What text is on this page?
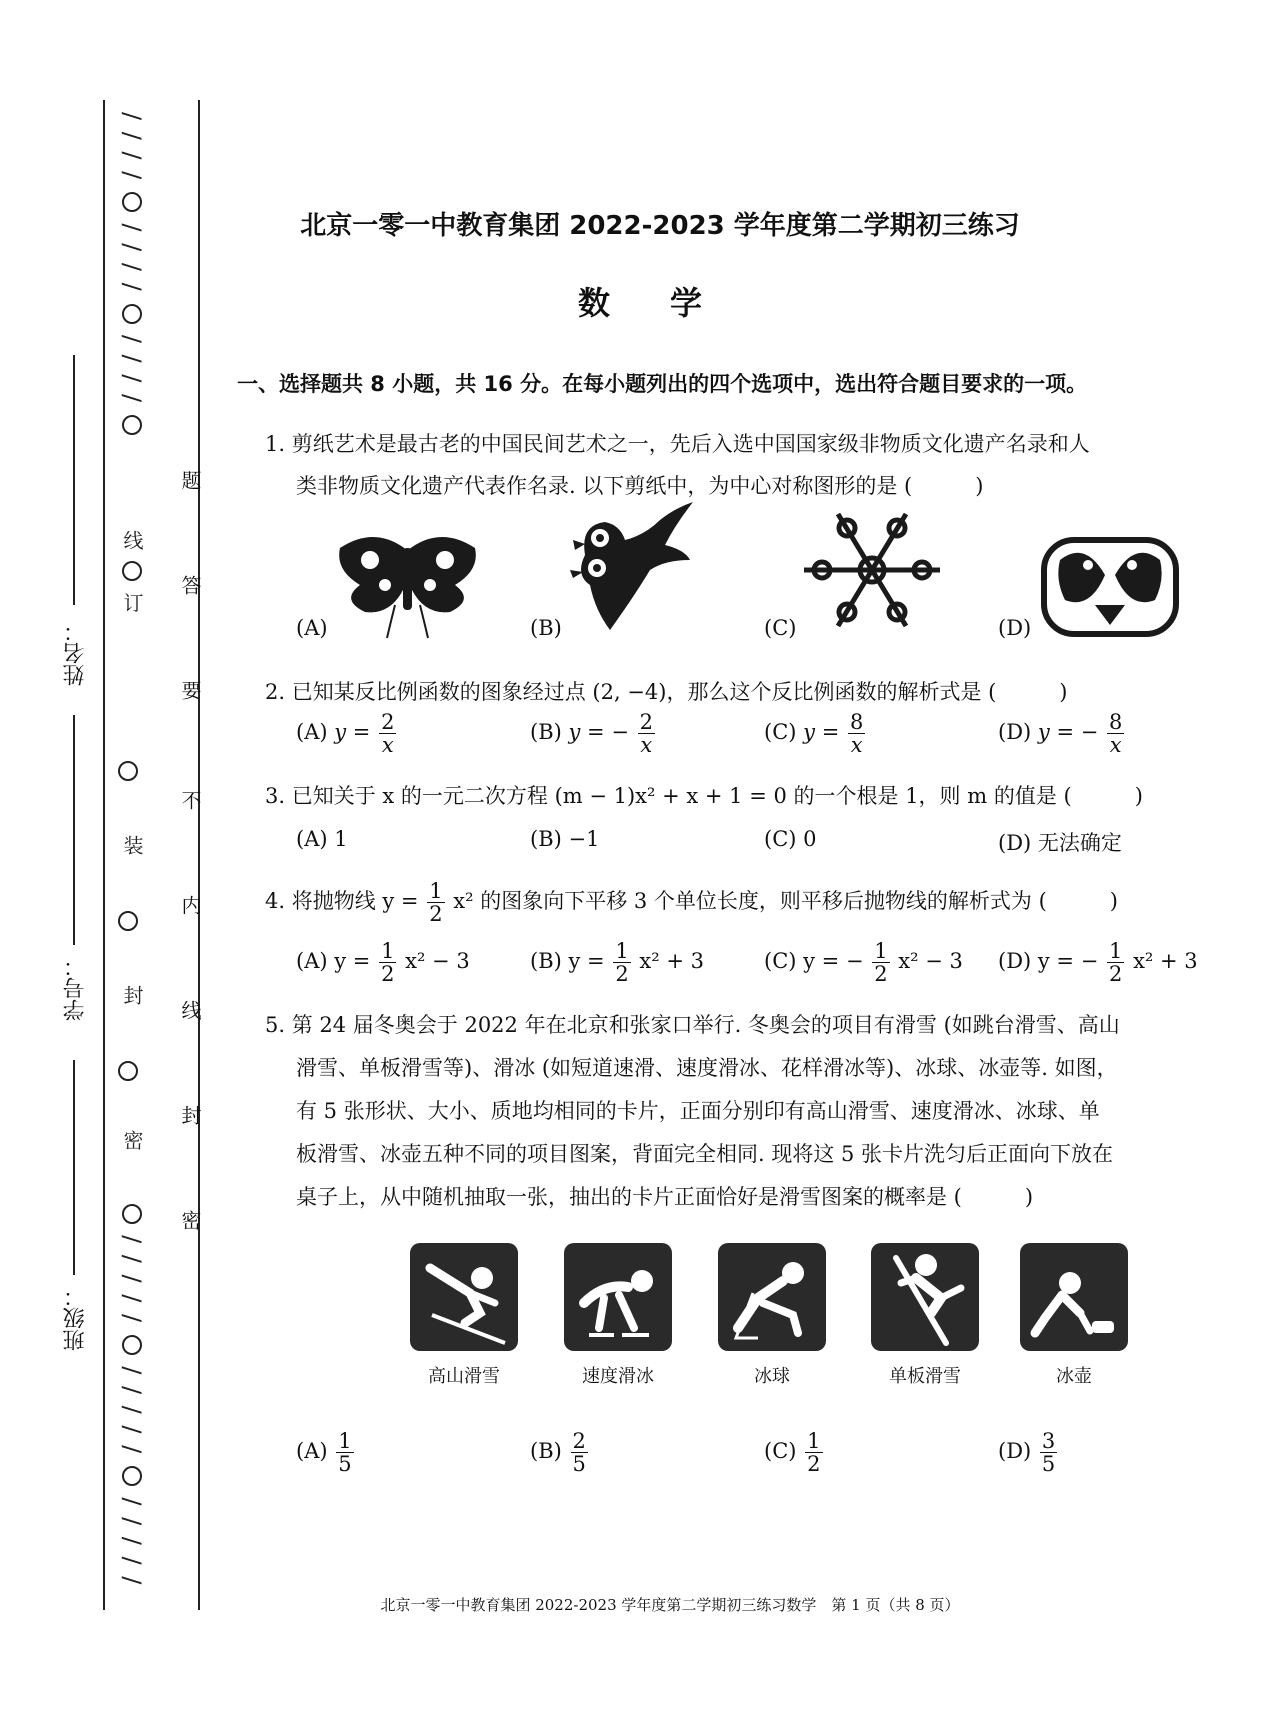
/ / / /  / / / /  / / / /
线  订
装
封
密
/ / / / /  / / / / /  / / / / /
题
答
要
不
内
线
封
密
姓名：
学号：
班级：
北京一零一中教育集团 2022-2023 学年度第二学期初三练习
数学
一、选择题共 8 小题，共 16 分。在每小题列出的四个选项中，选出符合题目要求的一项。
1. 剪纸艺术是最古老的中国民间艺术之一，先后入选中国国家级非物质文化遗产名录和人
类非物质文化遗产代表作名录. 以下剪纸中，为中心对称图形的是 (　　　)
(A)	(B)	(C)	(D)
2. 已知某反比例函数的图象经过点 (2, −4)，那么这个反比例函数的解析式是 (　　　)
(A) $y = \frac{2}{x}$	(B) y = − $\frac{2}{x}$	(C) $y = \frac{8}{x}$	(D) y = − $\frac{8}{x}$
3. 已知关于 x 的一元二次方程 (m − 1)x² + x + 1 = 0 的一个根是 1，则 m 的值是 (　　　)
(A) 1	(B) −1	(C) 0	(D) 无法确定
4. 将抛物线 $y = \frac{1}{2} x^2$ 的图象向下平移 3 个单位长度，则平移后抛物线的解析式为 (　　　)
(A) $y = \frac{1}{2} x^2 - 3$	(B) $y = \frac{1}{2} x^2 + 3$	(C) y = − $\frac{1}{2} x^2 - 3$ (D) y = − $\frac{1}{2} x^2 + 3$
5. 第 24 届冬奥会于 2022 年在北京和张家口举行. 冬奥会的项目有滑雪 (如跳台滑雪、高山
滑雪、单板滑雪等)、滑冰 (如短道速滑、速度滑冰、花样滑冰等)、冰球、冰壶等. 如图，
有 5 张形状、大小、质地均相同的卡片，正面分别印有高山滑雪、速度滑冰、冰球、单
板滑雪、冰壶五种不同的项目图案，背面完全相同. 现将这 5 张卡片洗匀后正面向下放在
桌子上，从中随机抽取一张，抽出的卡片正面恰好是滑雪图案的概率是 (　　　)
高山滑雪	速度滑冰	冰球	单板滑雪	冰壶
$(A) \frac{1}{5}$	$(B) \frac{2}{5}$	$(C) \frac{1}{2}$	$(D) \frac{3}{5}$
北京一零一中教育集团 2022-2023 学年度第二学期初三练习数学　第 1 页（共 8 页）
